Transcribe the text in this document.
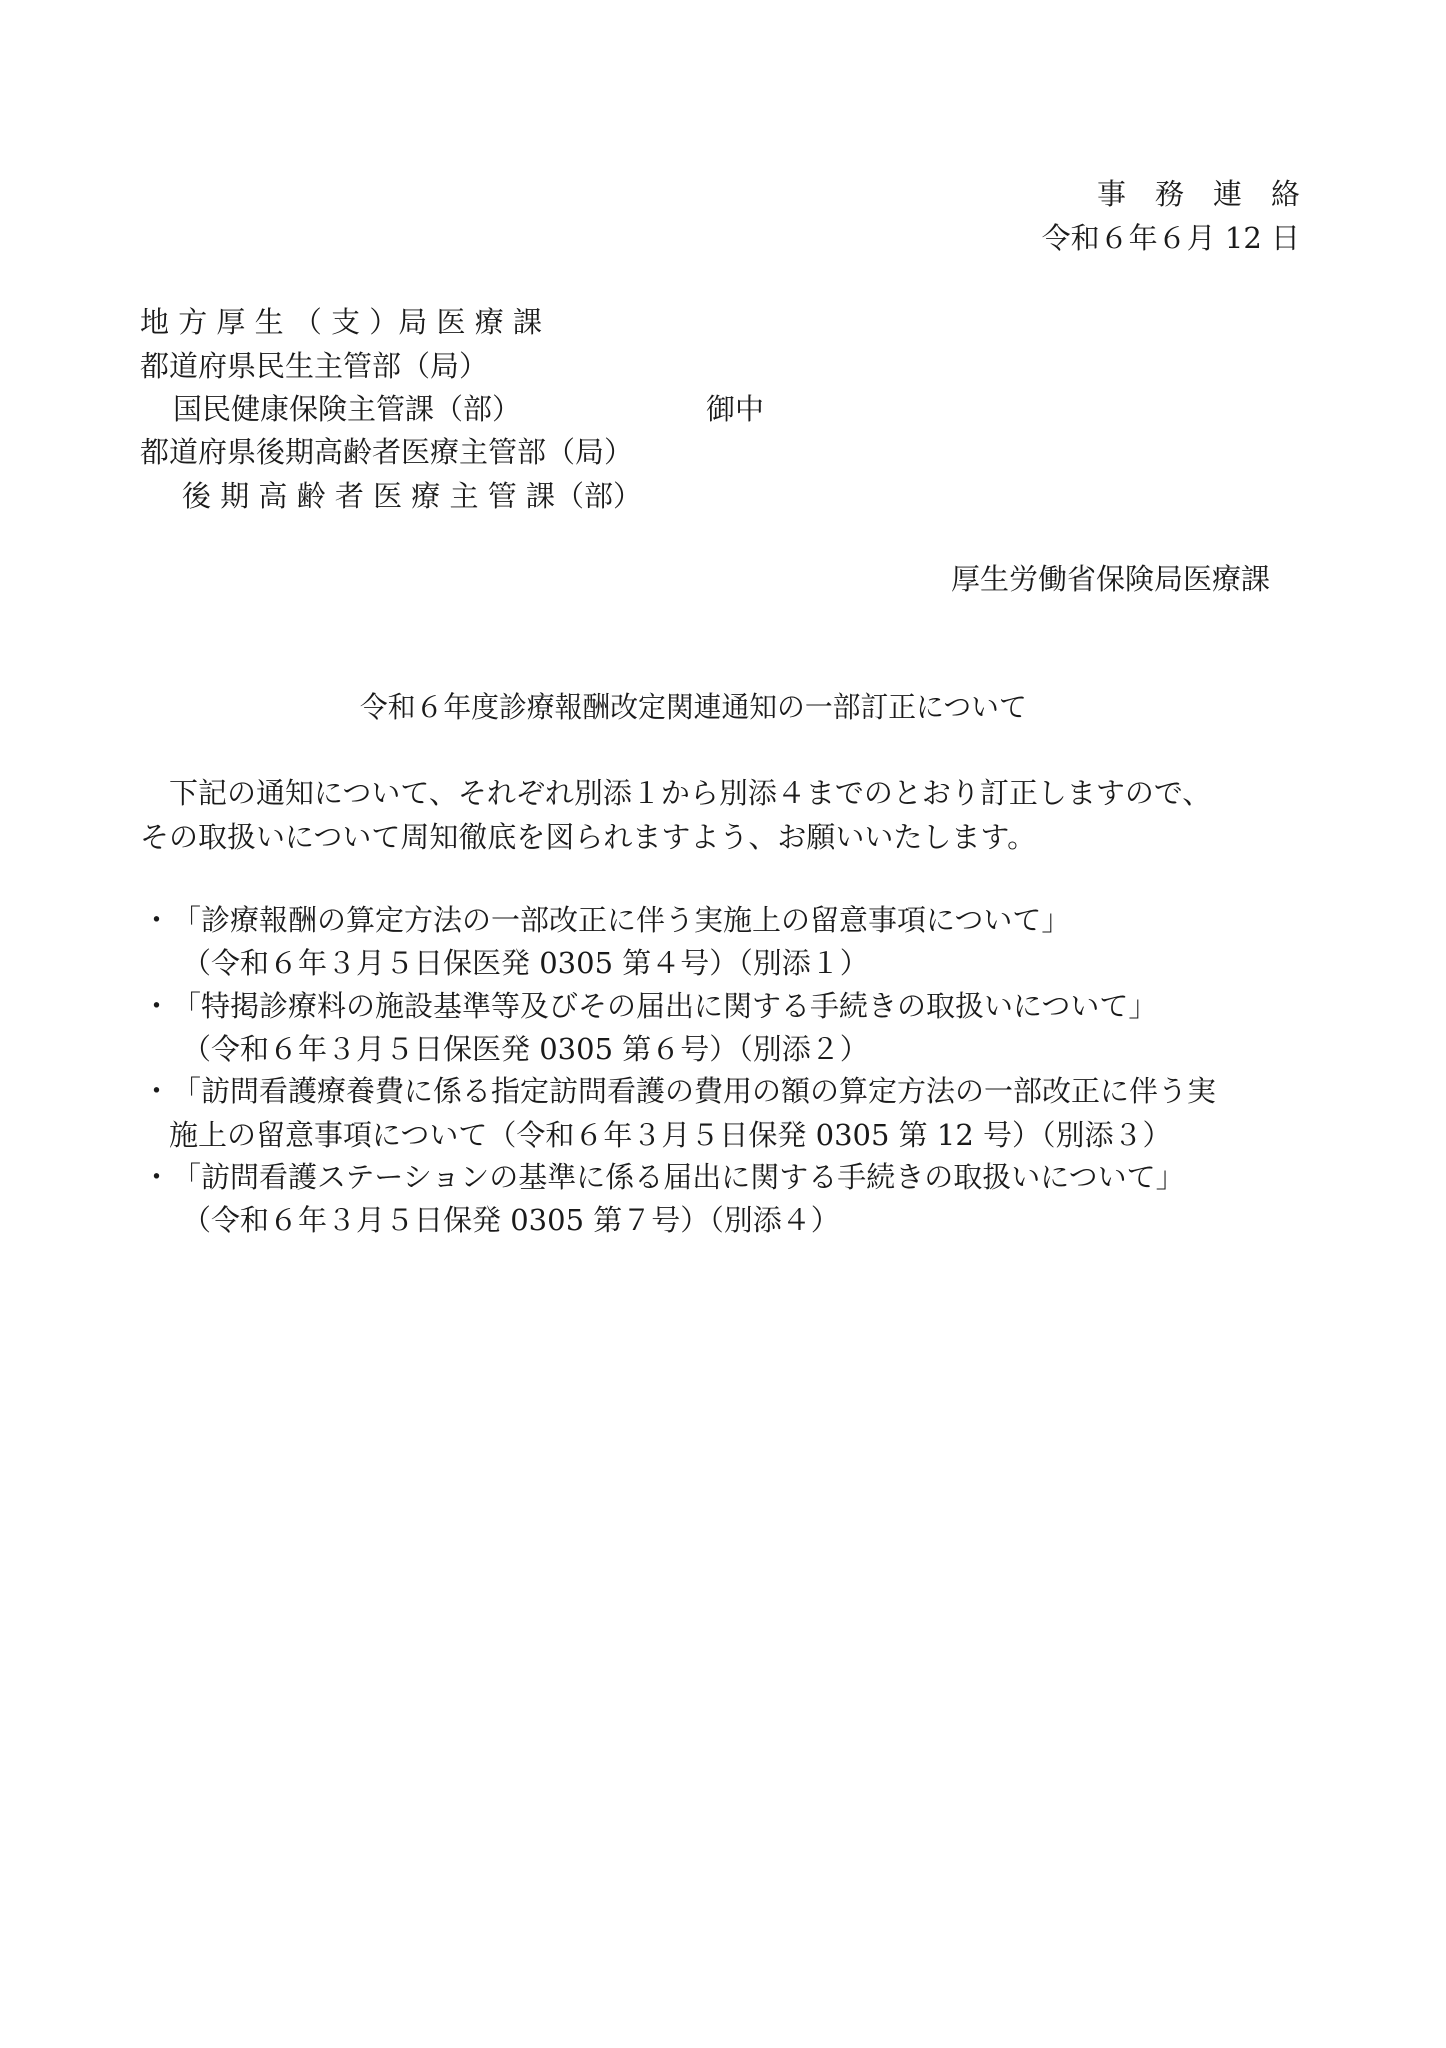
事　務　連　絡
令和６年６月 12 日
地 方 厚 生 （ 支 ）局 医 療 課
都道府県民生主管部（局）
国民健康保険主管課（部）	御中
都道府県後期高齢者医療主管部（局）
後 期 高 齢 者 医 療 主 管 課（部）
厚生労働省保険局医療課
令和６年度診療報酬改定関連通知の一部訂正について
下記の通知について、それぞれ別添１から別添４までのとおり訂正しますので、
その取扱いについて周知徹底を図られますよう、お願いいたします。
・ 「診療報酬の算定方法の一部改正に伴う実施上の留意事項について」
（令和６年３月５日保医発 0305 第４号）（別添１）
・ 「特掲診療料の施設基準等及びその届出に関する手続きの取扱いについて」
（令和６年３月５日保医発 0305 第６号）（別添２）
・ 「訪問看護療養費に係る指定訪問看護の費用の額の算定方法の一部改正に伴う実
施上の留意事項について（令和６年３月５日保発 0305 第 12 号）（別添３）
・ 「訪問看護ステーションの基準に係る届出に関する手続きの取扱いについて」
（令和６年３月５日保発 0305 第７号）（別添４）
